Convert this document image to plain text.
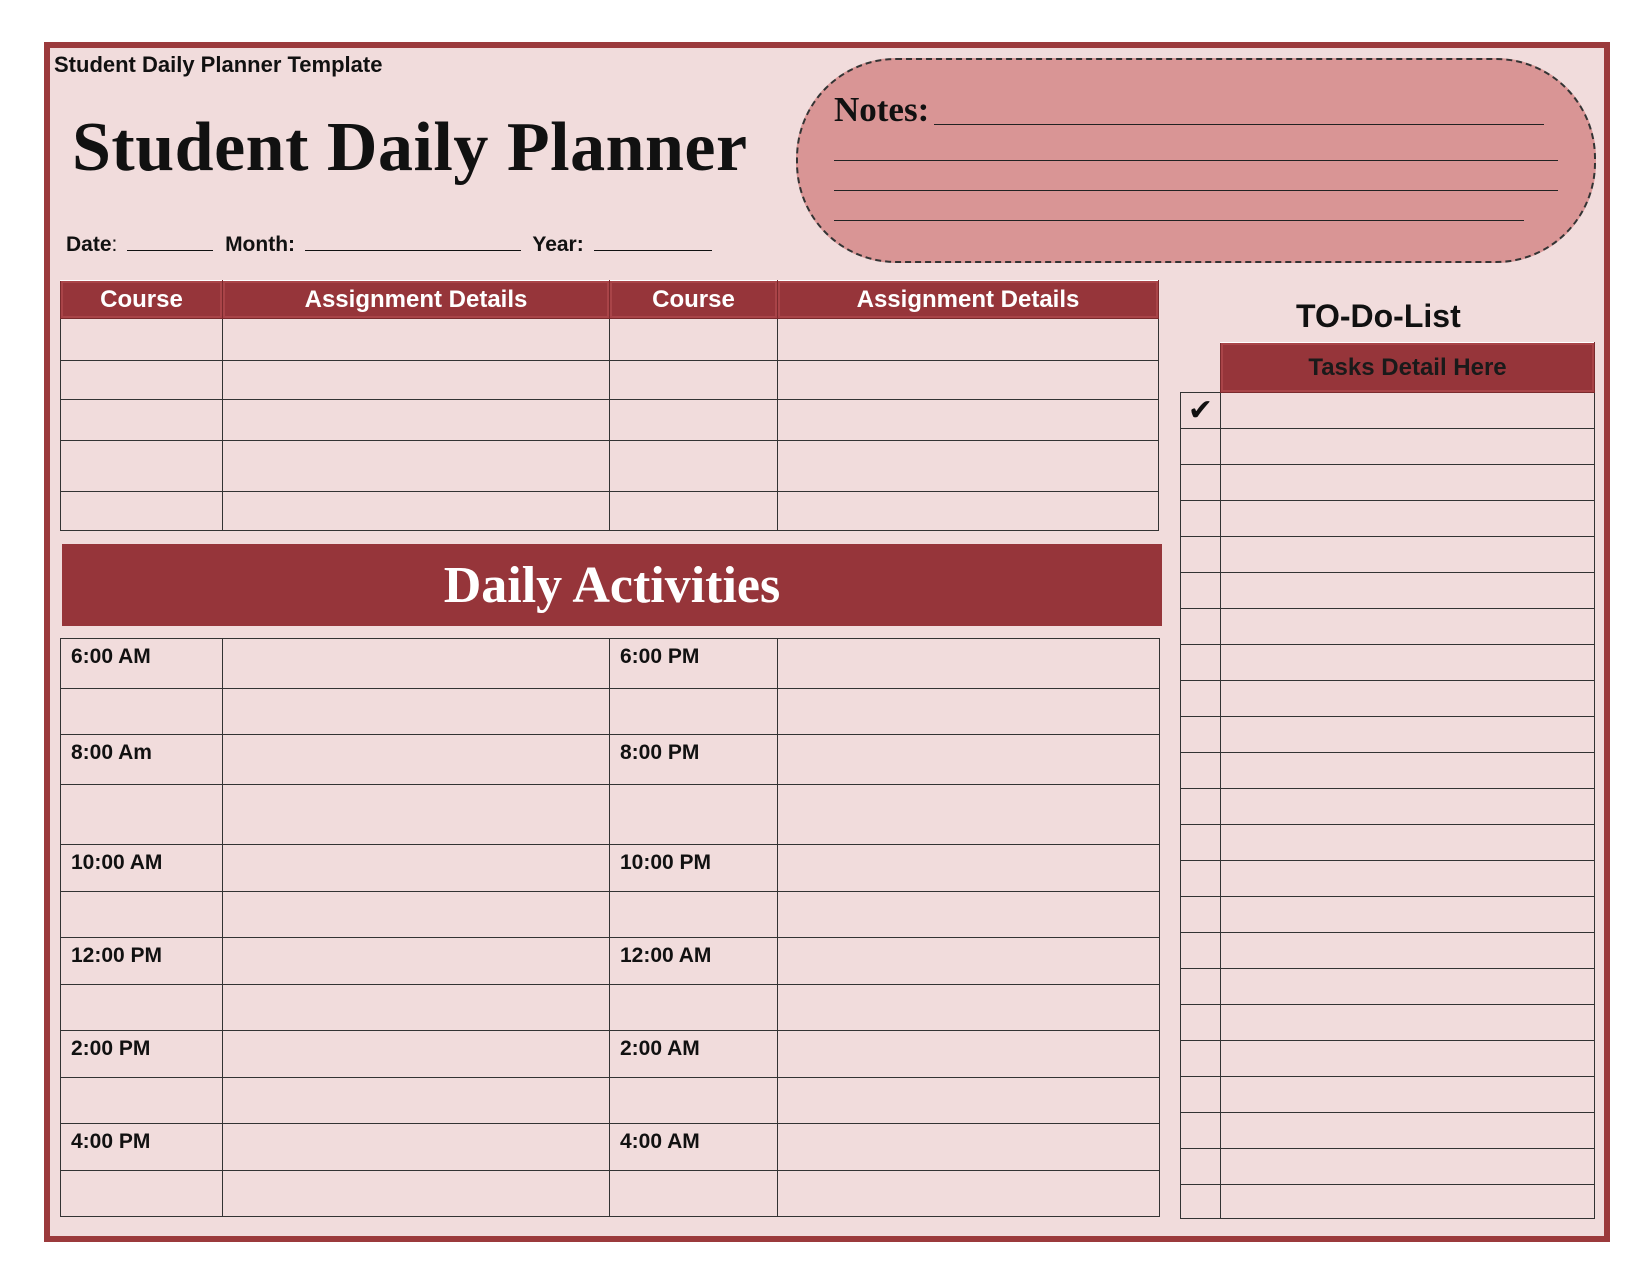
Student Daily Planner Template
Student Daily Planner
Date:	Month:	Year:
Notes:
Course	Assignment Details	Course	Assignment Details

Daily Activities
6:00 AM		6:00 PM	

8:00 Am		8:00 PM	

10:00 AM		10:00 PM	

12:00 PM		12:00 AM	

2:00 PM		2:00 AM	

4:00 PM		4:00 AM	

TO-Do-List
	Tasks Detail Here
✔	
